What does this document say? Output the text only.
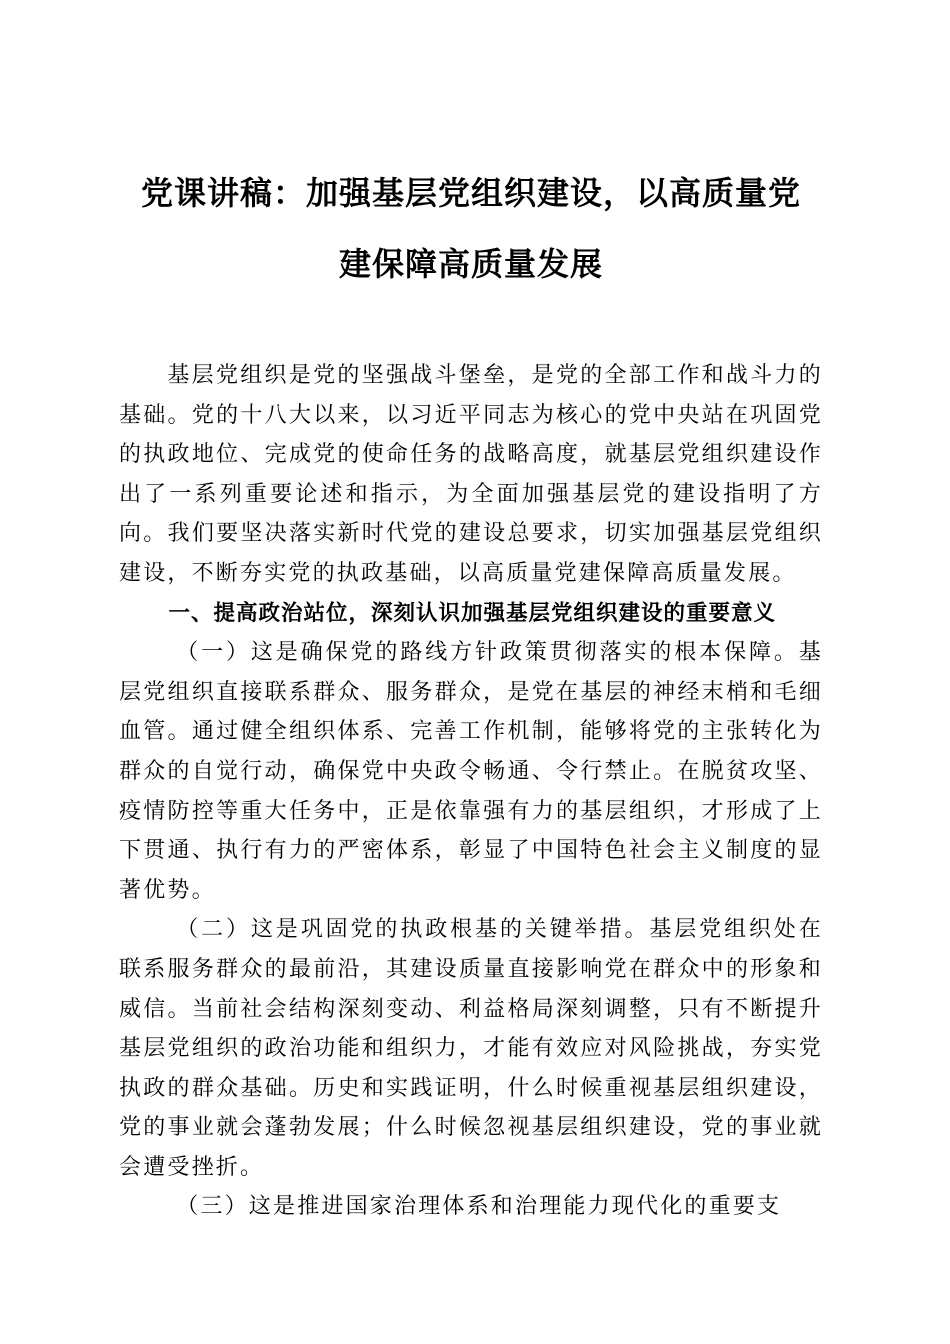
党课讲稿：加强基层党组织建设，以高质量党
建保障高质量发展

基层党组织是党的坚强战斗堡垒，是党的全部工作和战斗力的基础。党的十八大以来，以习近平同志为核心的党中央站在巩固党的执政地位、完成党的使命任务的战略高度，就基层党组织建设作出了一系列重要论述和指示，为全面加强基层党的建设指明了方向。我们要坚决落实新时代党的建设总要求，切实加强基层党组织建设，不断夯实党的执政基础，以高质量党建保障高质量发展。

一、提高政治站位，深刻认识加强基层党组织建设的重要意义

（一）这是确保党的路线方针政策贯彻落实的根本保障。基层党组织直接联系群众、服务群众，是党在基层的神经末梢和毛细血管。通过健全组织体系、完善工作机制，能够将党的主张转化为群众的自觉行动，确保党中央政令畅通、令行禁止。在脱贫攻坚、疫情防控等重大任务中，正是依靠强有力的基层组织，才形成了上下贯通、执行有力的严密体系，彰显了中国特色社会主义制度的显著优势。

（二）这是巩固党的执政根基的关键举措。基层党组织处在联系服务群众的最前沿，其建设质量直接影响党在群众中的形象和威信。当前社会结构深刻变动、利益格局深刻调整，只有不断提升基层党组织的政治功能和组织力，才能有效应对风险挑战，夯实党执政的群众基础。历史和实践证明，什么时候重视基层组织建设，党的事业就会蓬勃发展；什么时候忽视基层组织建设，党的事业就会遭受挫折。

（三）这是推进国家治理体系和治理能力现代化的重要支
